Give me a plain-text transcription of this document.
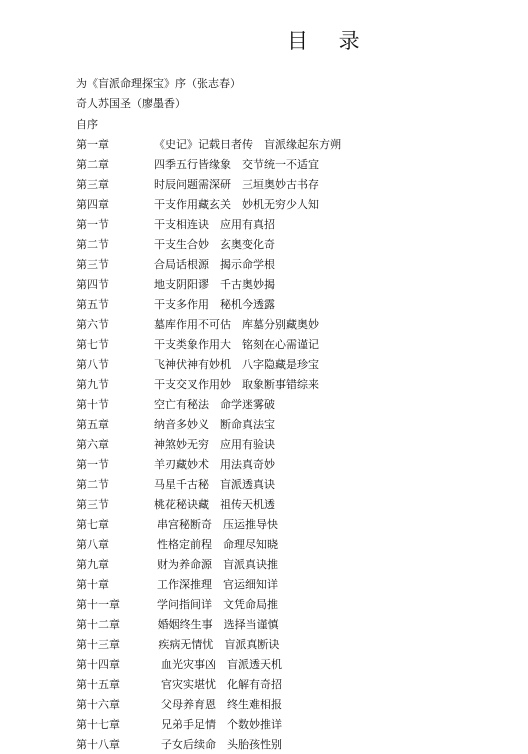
目 录
为《盲派命理探宝》序（张志春）
奇人苏国圣（廖墨香）
自序
第一章	《史记》记载日者传　盲派缘起东方朔
第二章	四季五行皆缘象　交节统一不适宜
第三章	时辰问题需深研　三垣奥妙古书存
第四章	干支作用藏玄关　妙机无穷少人知
第一节	干支相连诀　应用有真招
第二节	干支生合妙　玄奥变化奇
第三节	合局话根源　揭示命学根
第四节	地支阴阳谬　千古奥妙揭
第五节	干支多作用　秘机今透露
第六节	墓库作用不可估　库墓分别藏奥妙
第七节	干支类象作用大　铭刻在心需谨记
第八节	飞神伏神有妙机　八字隐藏是珍宝
第九节	干支交叉作用妙　取象断事错综来
第十节	空亡有秘法　命学迷雾破
第五章	纳音多妙义　断命真法宝
第六章	神煞妙无穷　应用有验诀
第一节	羊刃藏妙术　用法真奇妙
第二节	马星千古秘　盲派透真诀
第三节	桃花秘诀藏　祖传天机透
第七章	串宫秘断奇　压运推导快
第八章	性格定前程　命理尽知晓
第九章	财为养命源　盲派真诀推
第十章	工作深推理　官运细知详
第十一章	学问指间详　文凭命局推
第十二章	婚姻终生事　选择当谨慎
第十三章	疾病无情忧　盲派真断诀
第十四章	血光灾事凶　盲派透天机
第十五章	官灾实堪忧　化解有奇招
第十六章	父母养育恩　终生难相报
第十七章	兄弟手足情　个数妙推详
第十八章	子女后续命　头胎孩性别
